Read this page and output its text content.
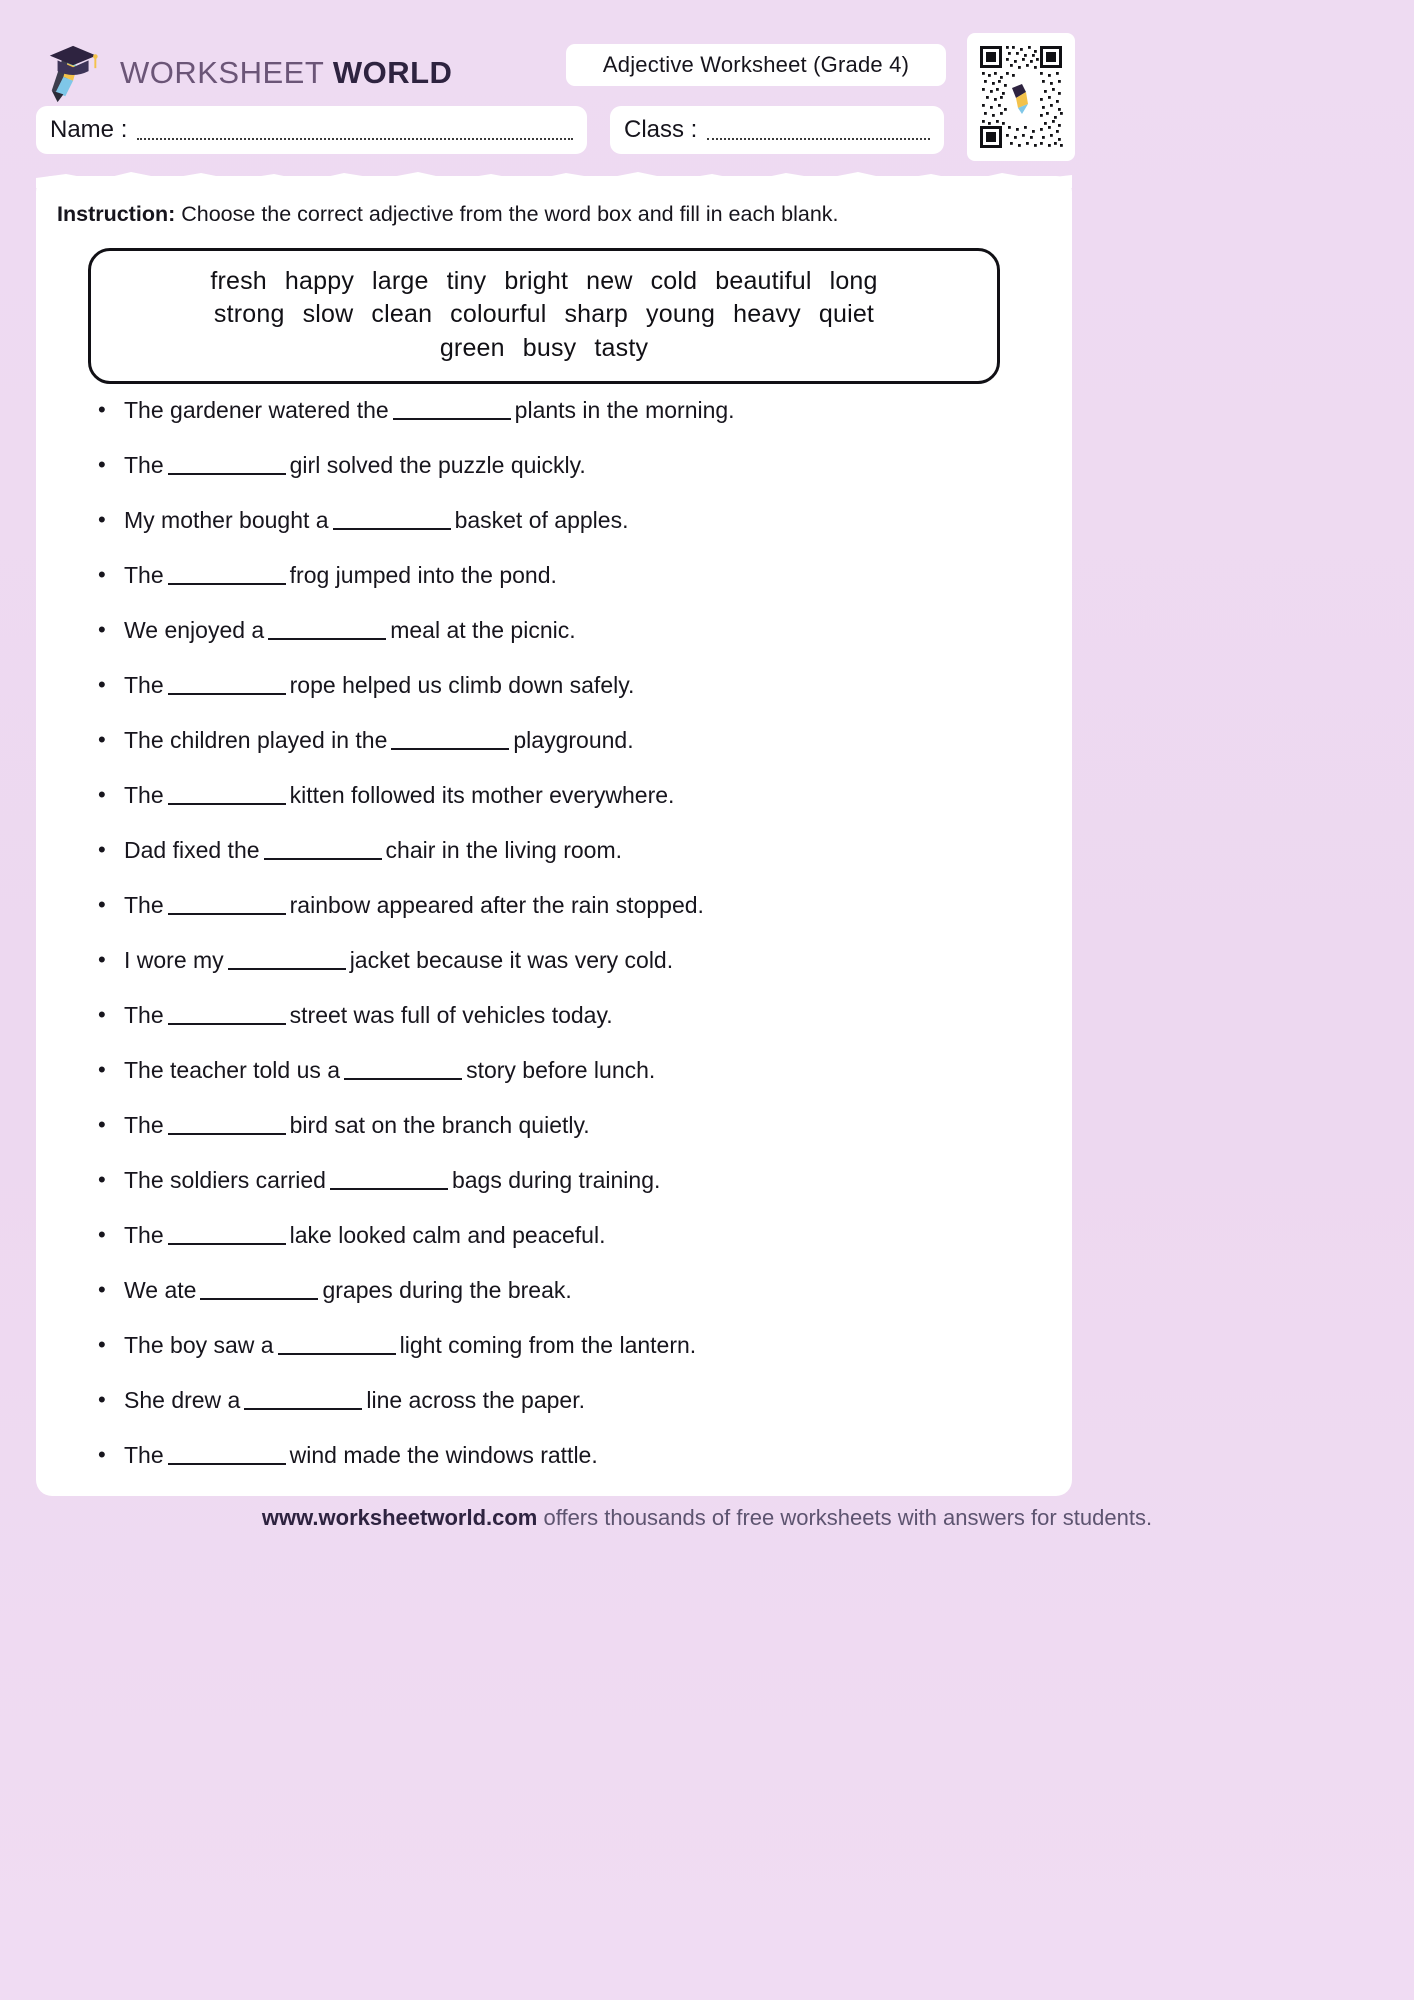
WORKSHEET WORLD	Adjective Worksheet (Grade 4)
Name :	Class :
Instruction: Choose the correct adjective from the word box and fill in each blank.
fresh happy large tiny bright new cold beautiful long
strong slow clean colourful sharp young heavy quiet
green busy tasty
• The gardener watered the	plants in the morning.
• The	girl solved the puzzle quickly.
• My mother bought a	basket of apples.
• The	frog jumped into the pond.
• We enjoyed a	meal at the picnic.
• The	rope helped us climb down safely.
• The children played in the	playground.
• The	kitten followed its mother everywhere.
• Dad fixed the	chair in the living room.
• The	rainbow appeared after the rain stopped.
• I wore my	jacket because it was very cold.
• The	street was full of vehicles today.
• The teacher told us a	story before lunch.
• The	bird sat on the branch quietly.
• The soldiers carried	bags during training.
• The	lake looked calm and peaceful.
• We ate	grapes during the break.
• The boy saw a	light coming from the lantern.
• She drew a	line across the paper.
• The	wind made the windows rattle.
www.worksheetworld.com offers thousands of free worksheets with answers for students.
